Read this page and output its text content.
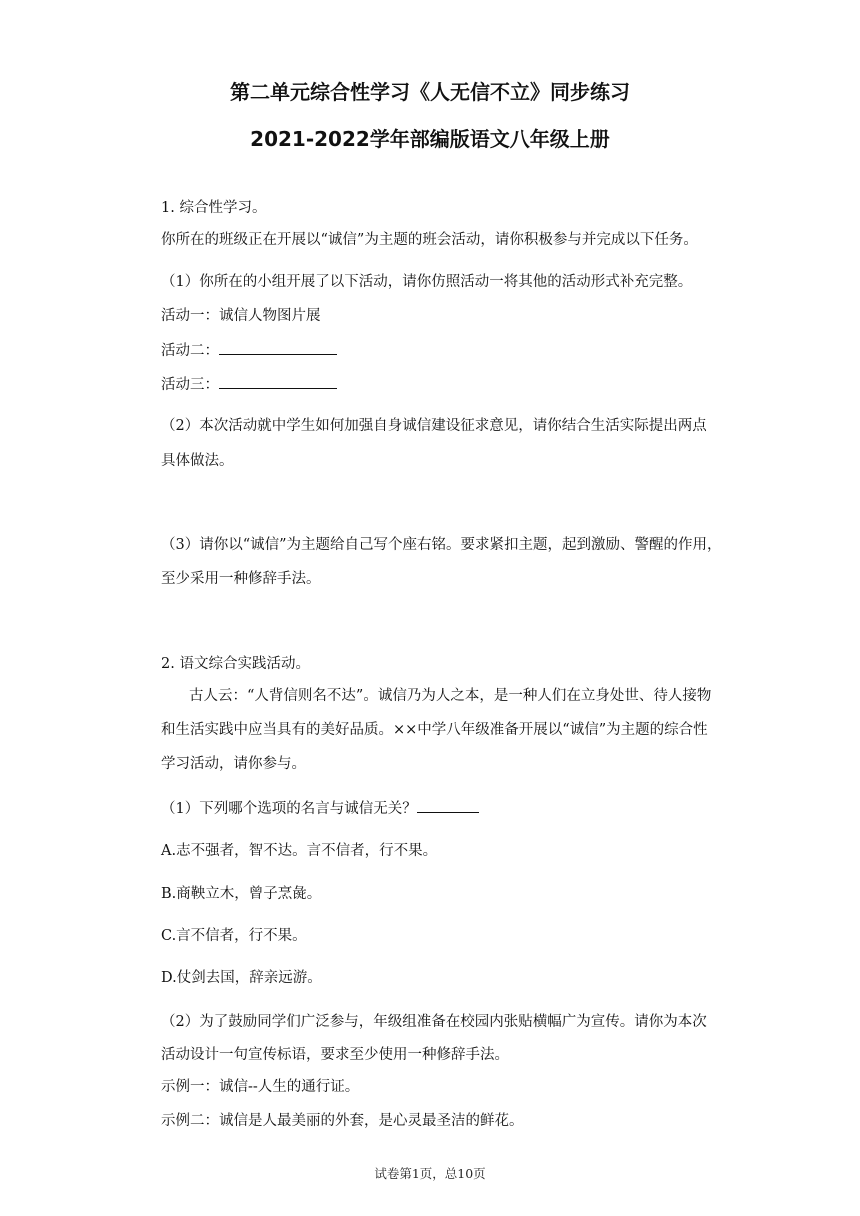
第二单元综合性学习《人无信不立》同步练习
2021-2022学年部编版语文八年级上册
1. 综合性学习。
你所在的班级正在开展以“诚信”为主题的班会活动，请你积极参与并完成以下任务。
（1）你所在的小组开展了以下活动，请你仿照活动一将其他的活动形式补充完整。
活动一：诚信人物图片展
活动二：
活动三：
（2）本次活动就中学生如何加强自身诚信建设征求意见，请你结合生活实际提出两点
具体做法。
（3）请你以“诚信”为主题给自己写个座右铭。要求紧扣主题，起到激励、警醒的作用，
至少采用一种修辞手法。
2. 语文综合实践活动。
古人云：“人背信则名不达”。诚信乃为人之本，是一种人们在立身处世、待人接物
和生活实践中应当具有的美好品质。××中学八年级准备开展以“诚信”为主题的综合性
学习活动，请你参与。
（1）下列哪个选项的名言与诚信无关？
A.志不强者，智不达。言不信者，行不果。
B.商鞅立木，曾子烹彘。
C.言不信者，行不果。
D.仗剑去国，辞亲远游。
（2）为了鼓励同学们广泛参与，年级组准备在校园内张贴横幅广为宣传。请你为本次
活动设计一句宣传标语，要求至少使用一种修辞手法。
示例一：诚信--人生的通行证。
示例二：诚信是人最美丽的外套，是心灵最圣洁的鲜花。
试卷第1页，总10页
